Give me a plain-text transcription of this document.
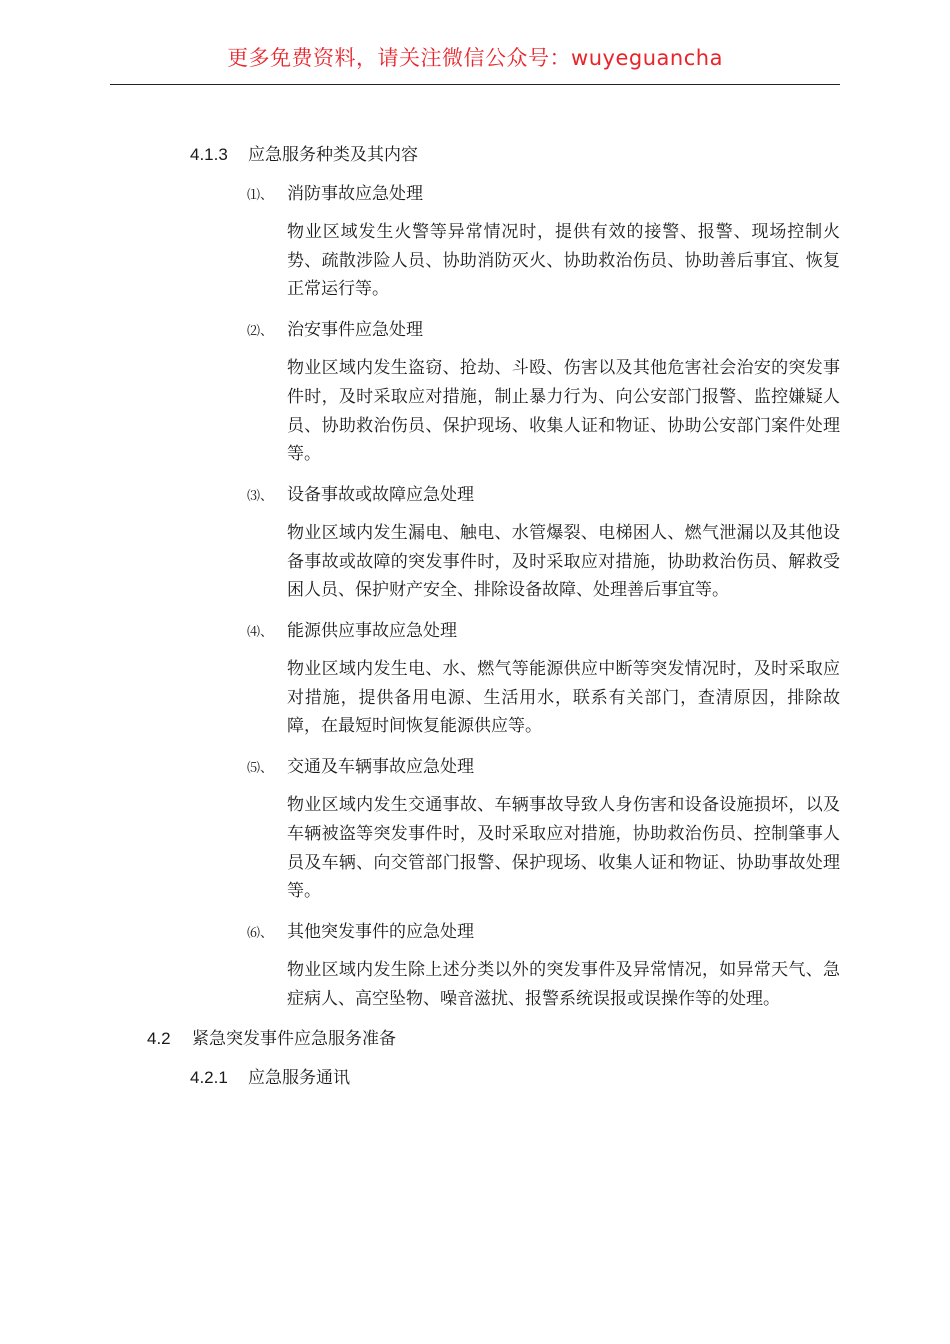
更多免费资料，请关注微信公众号：wuyeguancha
4.1.3 应急服务种类及其内容
⑴、 消防事故应急处理
物业区域发生火警等异常情况时，提供有效的接警、报警、现场控制火势、疏散涉险人员、协助消防灭火、协助救治伤员、协助善后事宜、恢复正常运行等。
⑵、 治安事件应急处理
物业区域内发生盗窃、抢劫、斗殴、伤害以及其他危害社会治安的突发事件时，及时采取应对措施，制止暴力行为、向公安部门报警、监控嫌疑人员、协助救治伤员、保护现场、收集人证和物证、协助公安部门案件处理等。
⑶、 设备事故或故障应急处理
物业区域内发生漏电、触电、水管爆裂、电梯困人、燃气泄漏以及其他设备事故或故障的突发事件时，及时采取应对措施，协助救治伤员、解救受困人员、保护财产安全、排除设备故障、处理善后事宜等。
⑷、 能源供应事故应急处理
物业区域内发生电、水、燃气等能源供应中断等突发情况时，及时采取应对措施，提供备用电源、生活用水，联系有关部门，查清原因，排除故障，在最短时间恢复能源供应等。
⑸、 交通及车辆事故应急处理
物业区域内发生交通事故、车辆事故导致人身伤害和设备设施损坏，以及车辆被盗等突发事件时，及时采取应对措施，协助救治伤员、控制肇事人员及车辆、向交管部门报警、保护现场、收集人证和物证、协助事故处理等。
⑹、 其他突发事件的应急处理
物业区域内发生除上述分类以外的突发事件及异常情况，如异常天气、急症病人、高空坠物、噪音滋扰、报警系统误报或误操作等的处理。
4.2 紧急突发事件应急服务准备
4.2.1 应急服务通讯
